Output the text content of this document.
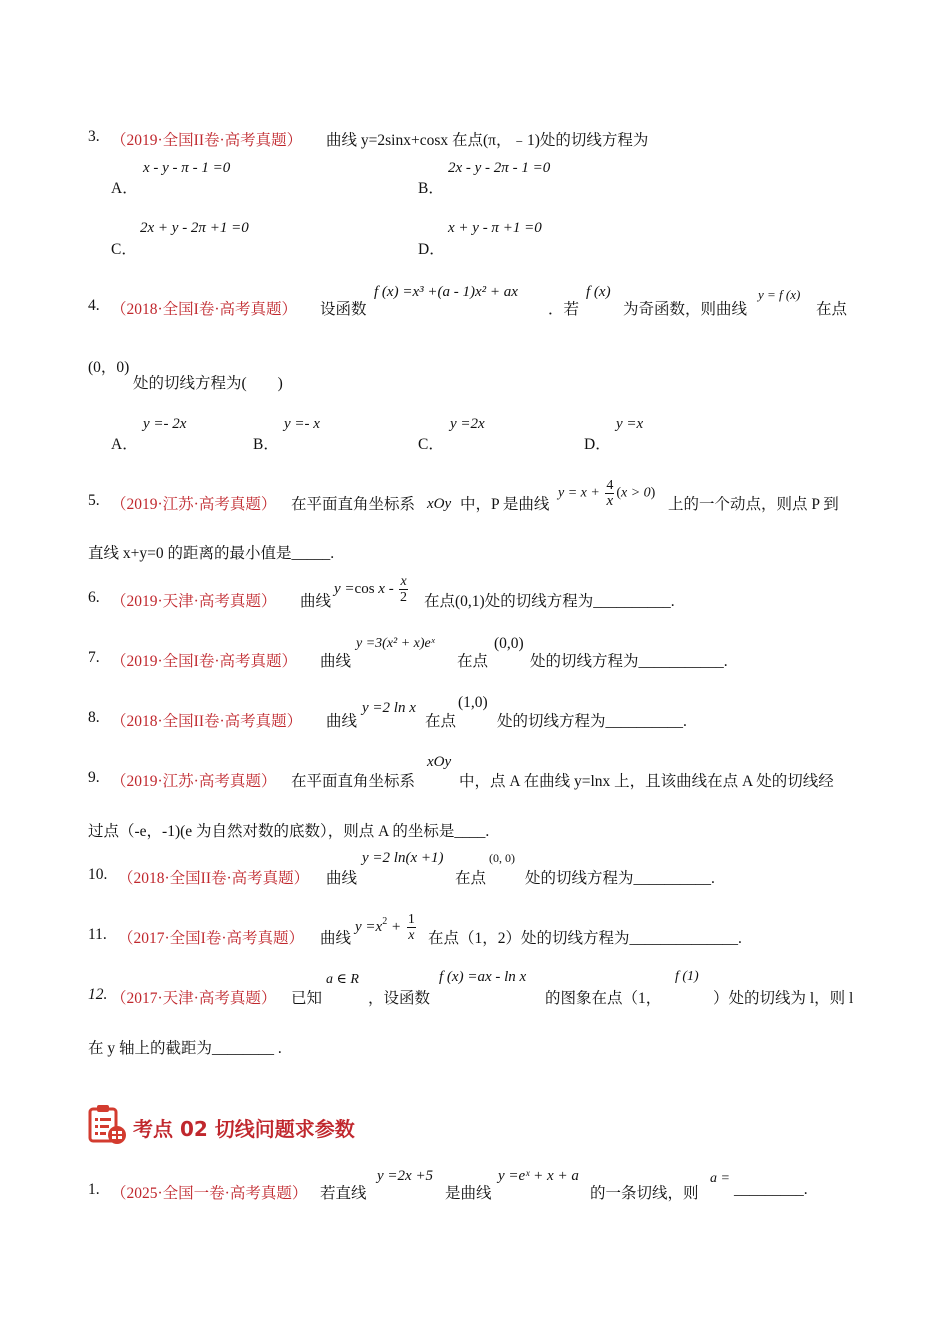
3. （2019·全国II卷·高考真题） 曲线 y=2sinx+cosx 在点(π，﹣1)处的切线方程为
A．
x - y - π - 1 =0
B．
2x - y - 2π - 1 =0
C．
2x + y - 2π +1 =0
D．
x + y - π +1 =0
4. （2018·全国I卷·高考真题） 设函数
f (x) =x³ +(a - 1)x² + ax
．若
f (x)
为奇函数，则曲线
y = f (x)
在点
(0，0)
处的切线方程为(　　)
A．
y =- 2x
B．
y =- x
C．
y =2x
D．
y =x
5. （2019·江苏·高考真题） 在平面直角坐标系 xOy 中，P 是曲线
$y = x + \frac{4}{x} (x > 0)$
上的一个动点，则点 P 到
直线 x+y=0 的距离的最小值是_____.
6. （2019·天津·高考真题） 曲线
y =cos x - $\frac{x}{2}$ 在点(0,1)处的切线方程为__________.
7. （2019·全国I卷·高考真题） 曲线
y =3(x² + x)eˣ
在点
(0,0)
处的切线方程为___________.
8. （2018·全国II卷·高考真题） 曲线
y =2 ln x
在点
(1,0)
处的切线方程为__________.
9. （2019·江苏·高考真题） 在平面直角坐标系
xOy
中，点 A 在曲线 y=lnx 上，且该曲线在点 A 处的切线经
过点（-e，-1)(e 为自然对数的底数），则点 A 的坐标是____.
10. （2018·全国II卷·高考真题） 曲线
y =2 ln(x +1)
在点
(0, 0)
处的切线方程为__________.
11. （2017·全国I卷·高考真题） 曲线
$y =x^2 + \frac{1}{x}$ 在点（1，2）处的切线方程为______________.
12. （2017·天津·高考真题） 已知
a ∈ R
，设函数
f (x) =ax - ln x
的图象在点（1，
f (1)
）处的切线为 l，则 l
在 y 轴上的截距为________ .
考点 02 切线问题求参数
1. （2025·全国一卷·高考真题） 若直线
y =2x +5
是曲线
y =eˣ + x + a
的一条切线，则
a =
_________.
